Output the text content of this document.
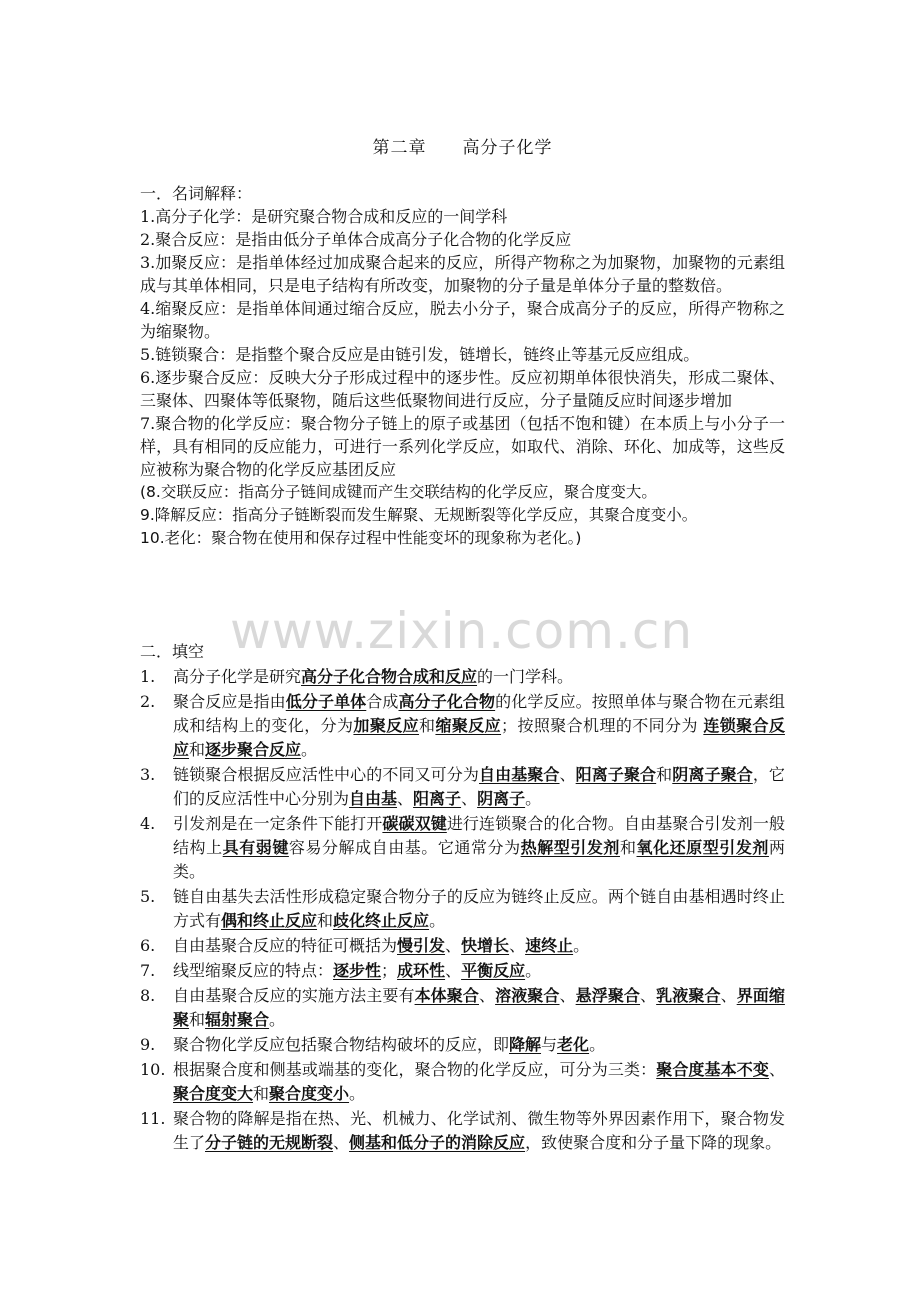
www.zixin.com.cn
第二章　　高分子化学
一．名词解释：

1.高分子化学：是研究聚合物合成和反应的一间学科

2.聚合反应：是指由低分子单体合成高分子化合物的化学反应

3.加聚反应：是指单体经过加成聚合起来的反应，所得产物称之为加聚物，加聚物的元素组成与其单体相同，只是电子结构有所改变，加聚物的分子量是单体分子量的整数倍。

4.缩聚反应：是指单体间通过缩合反应，脱去小分子，聚合成高分子的反应，所得产物称之为缩聚物。

5.链锁聚合：是指整个聚合反应是由链引发，链增长，链终止等基元反应组成。

6.逐步聚合反应：反映大分子形成过程中的逐步性。反应初期单体很快消失，形成二聚体、三聚体、四聚体等低聚物，随后这些低聚物间进行反应，分子量随反应时间逐步增加

7.聚合物的化学反应：聚合物分子链上的原子或基团（包括不饱和键）在本质上与小分子一样，具有相同的反应能力，可进行一系列化学反应，如取代、消除、环化、加成等，这些反应被称为聚合物的化学反应基团反应

(8.交联反应：指高分子链间成键而产生交联结构的化学反应，聚合度变大。

9.降解反应：指高分子链断裂而发生解聚、无规断裂等化学反应，其聚合度变小。

10.老化：聚合物在使用和保存过程中性能变坏的现象称为老化。)

二．填空
1. 高分子化学是研究高分子化合物合成和反应的一门学科。
2. 聚合反应是指由低分子单体合成高分子化合物的化学反应。按照单体与聚合物在元素组成和结构上的变化，分为加聚反应和缩聚反应；按照聚合机理的不同分为 连锁聚合反应和逐步聚合反应。
3. 链锁聚合根据反应活性中心的不同又可分为自由基聚合、阳离子聚合和阴离子聚合，它们的反应活性中心分别为自由基、阳离子、阴离子。
4. 引发剂是在一定条件下能打开碳碳双键进行连锁聚合的化合物。自由基聚合引发剂一般结构上具有弱键容易分解成自由基。它通常分为热解型引发剂和氧化还原型引发剂两类。
5. 链自由基失去活性形成稳定聚合物分子的反应为链终止反应。两个链自由基相遇时终止方式有偶和终止反应和歧化终止反应。
6. 自由基聚合反应的特征可概括为慢引发、快增长、速终止。
7. 线型缩聚反应的特点：逐步性；成环性、平衡反应。
8. 自由基聚合反应的实施方法主要有本体聚合、溶液聚合、悬浮聚合、乳液聚合、界面缩聚和辐射聚合。
9. 聚合物化学反应包括聚合物结构破坏的反应，即降解与老化。
10. 根据聚合度和侧基或端基的变化，聚合物的化学反应，可分为三类：聚合度基本不变、聚合度变大和聚合度变小。
11. 聚合物的降解是指在热、光、机械力、化学试剂、微生物等外界因素作用下，聚合物发生了分子链的无规断裂、侧基和低分子的消除反应，致使聚合度和分子量下降的现象。
